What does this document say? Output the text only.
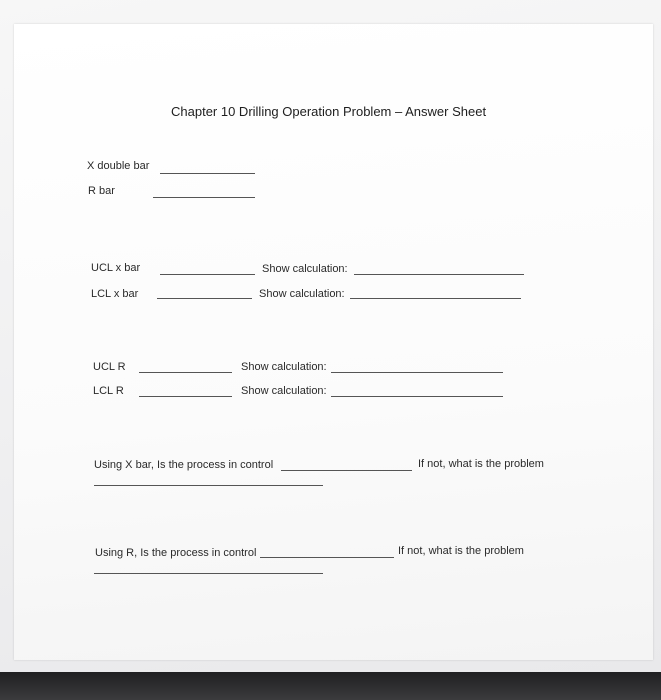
Chapter 10 Drilling Operation Problem – Answer Sheet
X double bar
R bar
UCL x bar	Show calculation:
LCL x bar	Show calculation:
UCL R	Show calculation:
LCL R	Show calculation:
Using X bar, Is the process in control	If not, what is the problem
Using R, Is the process in control	If not, what is the problem
